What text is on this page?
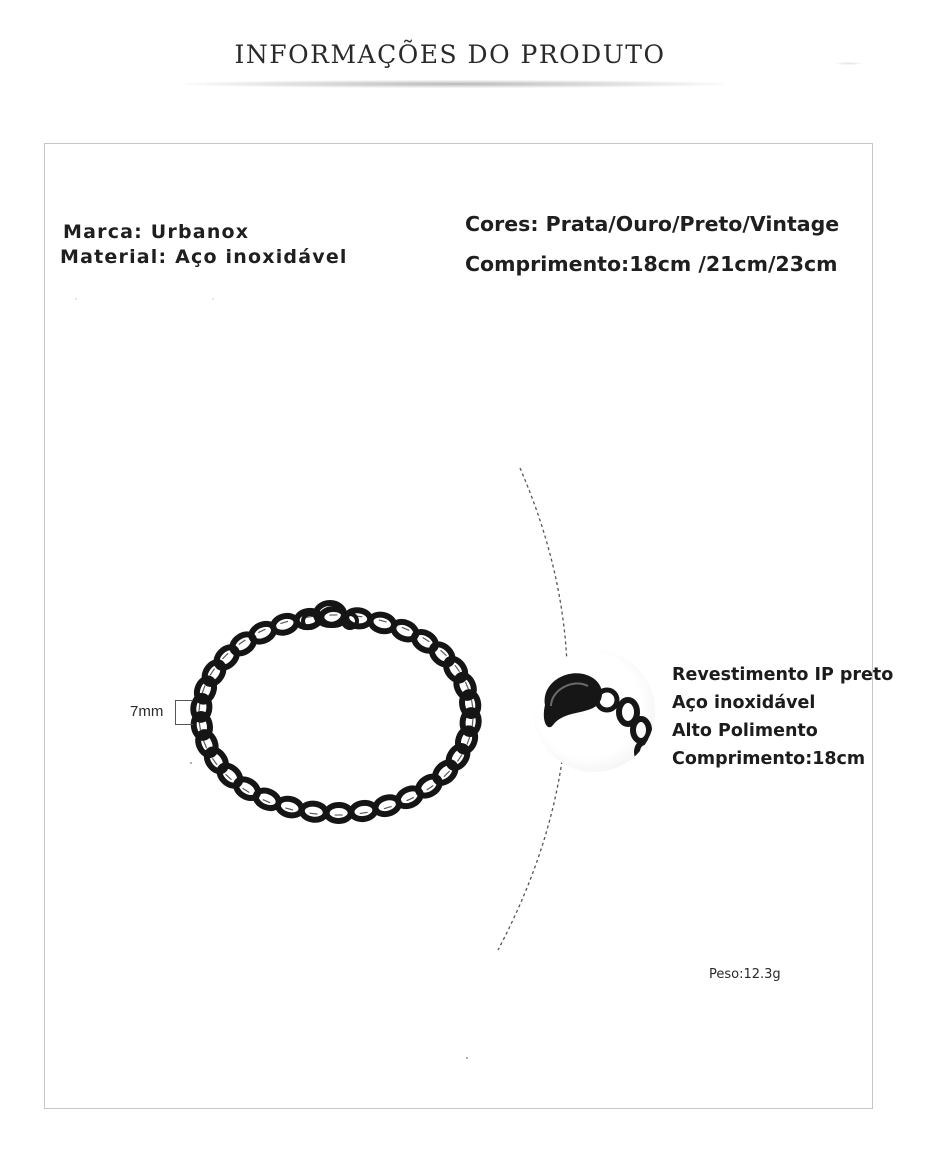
INFORMAÇÕES DO PRODUTO
Marca: Urbanox
Material: Aço inoxidável
Cores: Prata/Ouro/Preto/Vintage
Comprimento:18cm /21cm/23cm
7mm
Revestimento IP preto
Aço inoxidável
Alto Polimento
Comprimento:18cm
Peso:12.3g
